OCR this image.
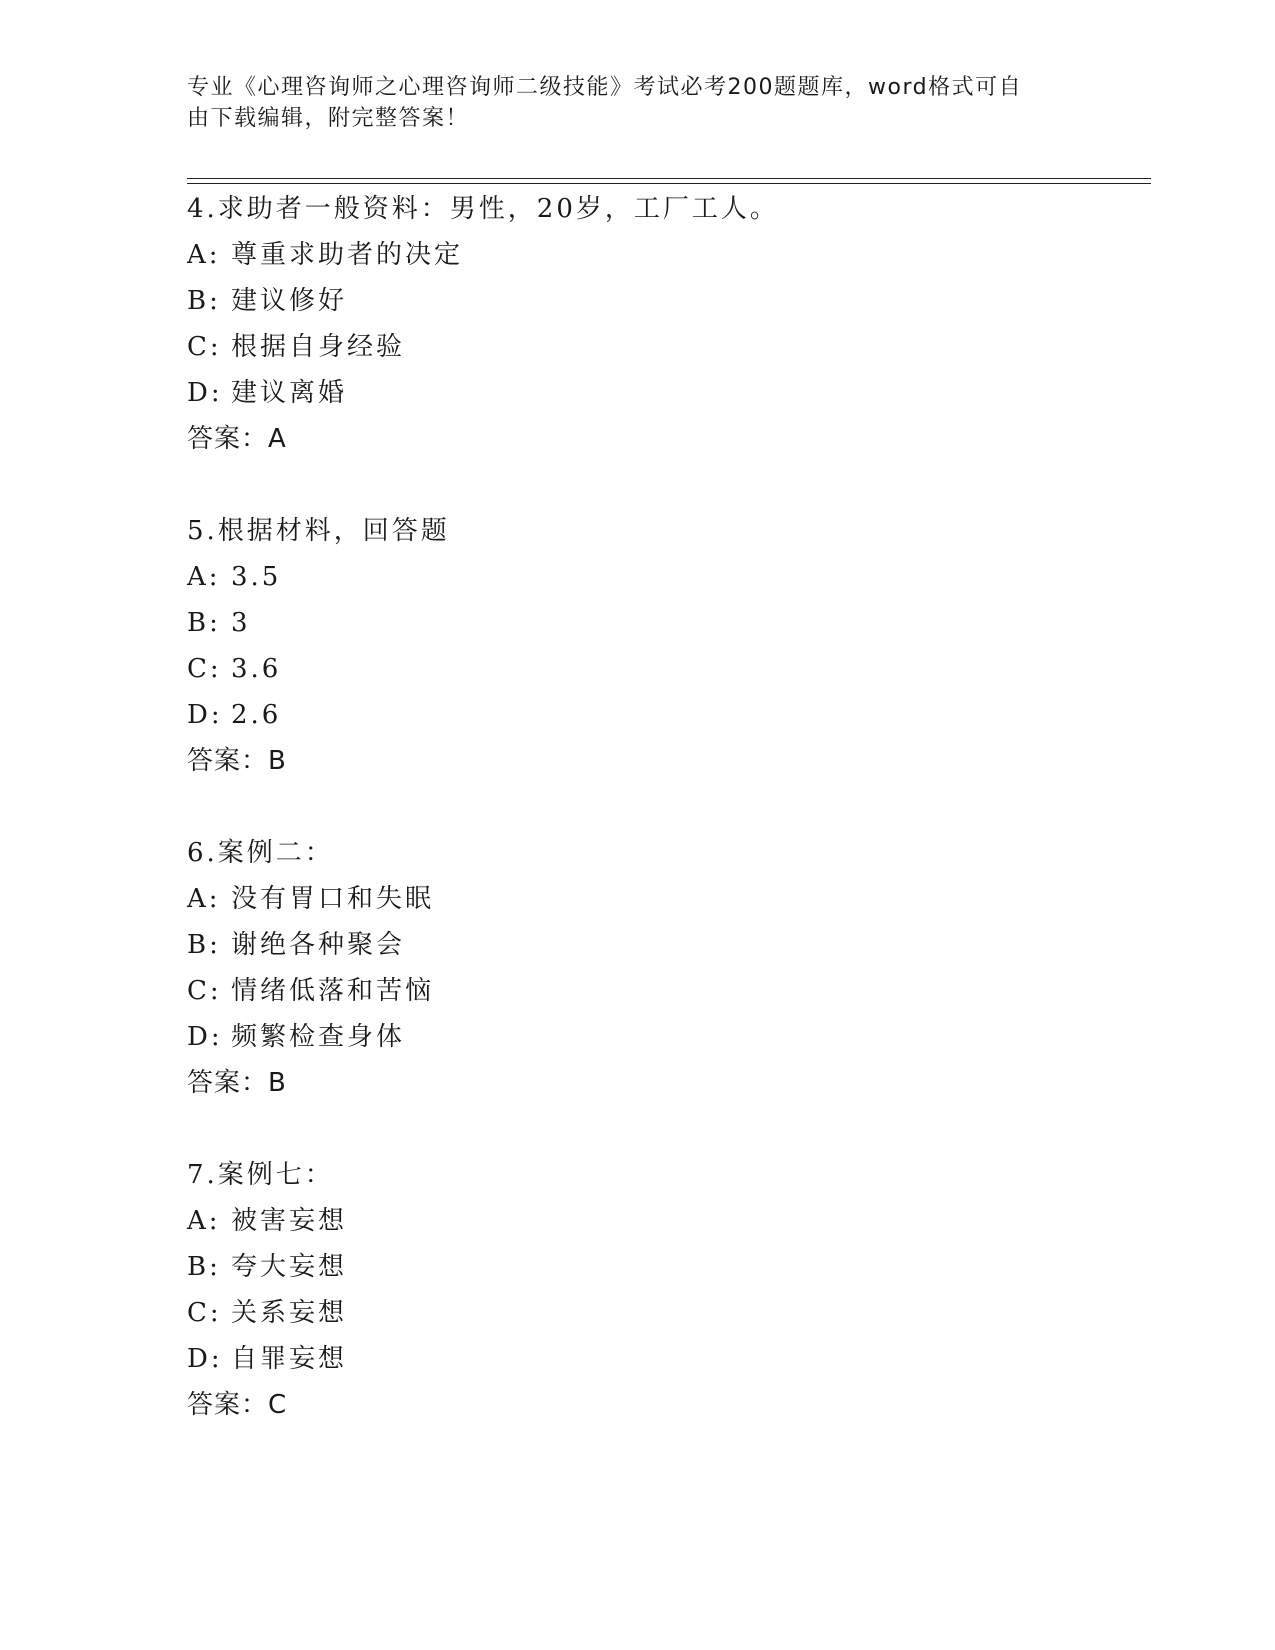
专业《心理咨询师之心理咨询师二级技能》考试必考200题题库，word格式可自
由下载编辑，附完整答案！
4.求助者一般资料：男性，20岁，工厂工人。
A: 尊重求助者的决定
B: 建议修好
C: 根据自身经验
D: 建议离婚
答案：A
5.根据材料，回答题
A: 3.5
B: 3
C: 3.6
D: 2.6
答案：B
6.案例二：
A: 没有胃口和失眠
B: 谢绝各种聚会
C: 情绪低落和苦恼
D: 频繁检查身体
答案：B
7.案例七：
A: 被害妄想
B: 夸大妄想
C: 关系妄想
D: 自罪妄想
答案：C
